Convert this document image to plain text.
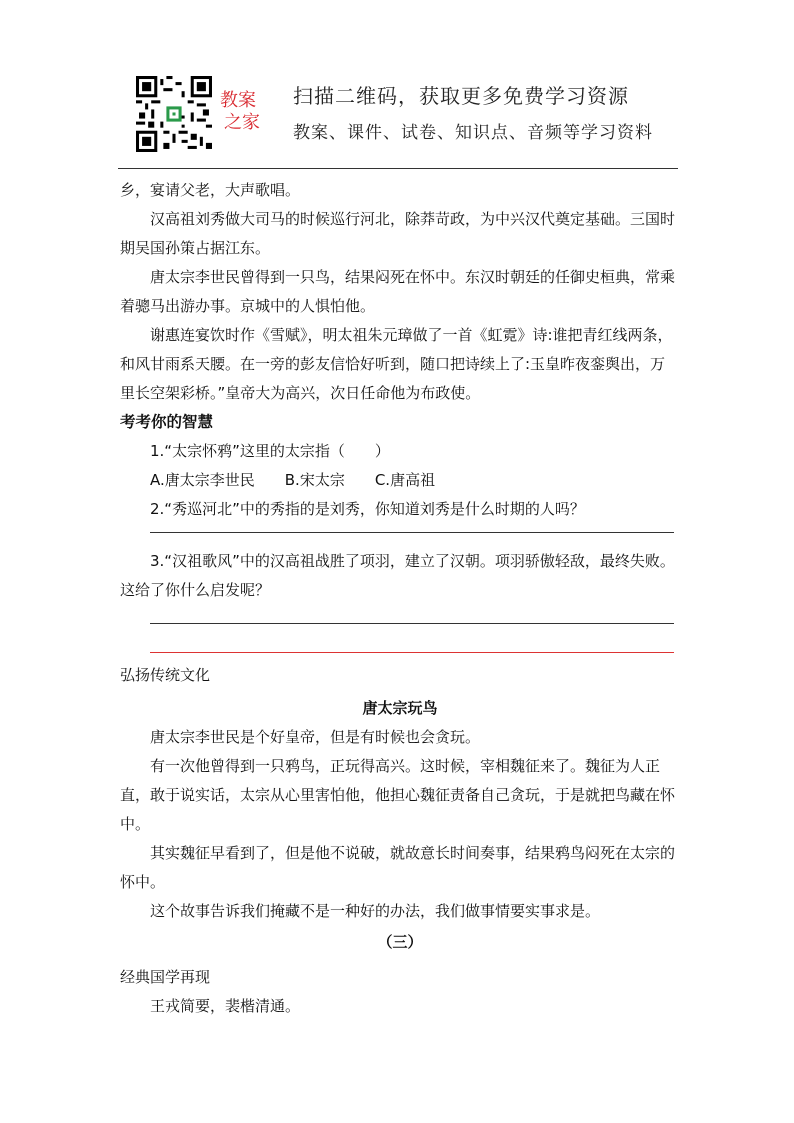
教案
之家
扫描二维码，获取更多免费学习资源
教案、课件、试卷、知识点、音频等学习资料

乡，宴请父老，大声歌唱。

汉高祖刘秀做大司马的时候巡行河北，除莽苛政，为中兴汉代奠定基础。三国时期吴国孙策占据江东。

唐太宗李世民曾得到一只鸟，结果闷死在怀中。东汉时朝廷的任御史桓典，常乘着骢马出游办事。京城中的人惧怕他。

谢惠连宴饮时作《雪赋》，明太祖朱元璋做了一首《虹霓》诗:谁把青红线两条，和风甘雨系天腰。在一旁的彭友信恰好听到，随口把诗续上了:玉皇昨夜銮舆出，万里长空架彩桥。”皇帝大为高兴，次日任命他为布政使。

考考你的智慧

1.“太宗怀鸦”这里的太宗指（　　）

A.唐太宗李世民　　B.宋太宗　　C.唐高祖

2.“秀巡河北”中的秀指的是刘秀，你知道刘秀是什么时期的人吗？

3.“汉祖歌风”中的汉高祖战胜了项羽，建立了汉朝。项羽骄傲轻敌，最终失败。这给了你什么启发呢？

弘扬传统文化

唐太宗玩鸟

唐太宗李世民是个好皇帝，但是有时候也会贪玩。

有一次他曾得到一只鸦鸟，正玩得高兴。这时候，宰相魏征来了。魏征为人正直，敢于说实话，太宗从心里害怕他，他担心魏征责备自己贪玩，于是就把鸟藏在怀中。

其实魏征早看到了，但是他不说破，就故意长时间奏事，结果鸦鸟闷死在太宗的怀中。

这个故事告诉我们掩藏不是一种好的办法，我们做事情要实事求是。

（三）

经典国学再现

王戎简要，裴楷清通。
